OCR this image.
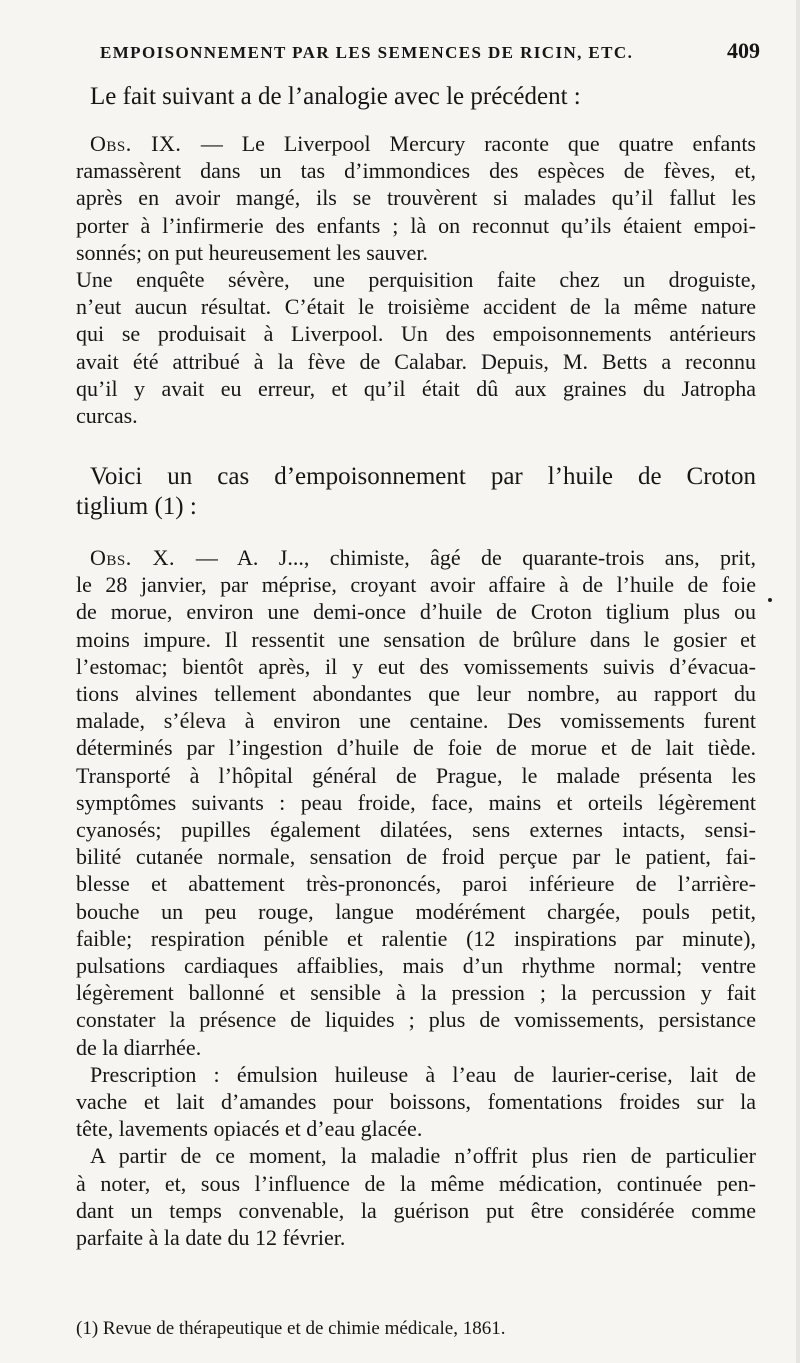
EMPOISONNEMENT PAR LES SEMENCES DE RICIN, ETC.	409
Le fait suivant a de l’analogie avec le précédent :
Obs. IX. — Le Liverpool Mercury raconte que quatre enfants
ramassèrent dans un tas d’immondices des espèces de fèves, et,
après en avoir mangé, ils se trouvèrent si malades qu’il fallut les
porter à l’infirmerie des enfants ; là on reconnut qu’ils étaient empoi-
sonnés; on put heureusement les sauver.
Une enquête sévère, une perquisition faite chez un droguiste,
n’eut aucun résultat. C’était le troisième accident de la même nature
qui se produisait à Liverpool. Un des empoisonnements antérieurs
avait été attribué à la fève de Calabar. Depuis, M. Betts a reconnu
qu’il y avait eu erreur, et qu’il était dû aux graines du Jatropha
curcas.
Voici un cas d’empoisonnement par l’huile de Croton
tiglium (1) :
Obs. X. — A. J..., chimiste, âgé de quarante-trois ans, prit,
le 28 janvier, par méprise, croyant avoir affaire à de l’huile de foie
de morue, environ une demi-once d’huile de Croton tiglium plus ou
moins impure. Il ressentit une sensation de brûlure dans le gosier et
l’estomac; bientôt après, il y eut des vomissements suivis d’évacua-
tions alvines tellement abondantes que leur nombre, au rapport du
malade, s’éleva à environ une centaine. Des vomissements furent
déterminés par l’ingestion d’huile de foie de morue et de lait tiède.
Transporté à l’hôpital général de Prague, le malade présenta les
symptômes suivants : peau froide, face, mains et orteils légèrement
cyanosés; pupilles également dilatées, sens externes intacts, sensi-
bilité cutanée normale, sensation de froid perçue par le patient, fai-
blesse et abattement très-prononcés, paroi inférieure de l’arrière-
bouche un peu rouge, langue modérément chargée, pouls petit,
faible; respiration pénible et ralentie (12 inspirations par minute),
pulsations cardiaques affaiblies, mais d’un rhythme normal; ventre
légèrement ballonné et sensible à la pression ; la percussion y fait
constater la présence de liquides ; plus de vomissements, persistance
de la diarrhée.
Prescription : émulsion huileuse à l’eau de laurier-cerise, lait de
vache et lait d’amandes pour boissons, fomentations froides sur la
tête, lavements opiacés et d’eau glacée.
A partir de ce moment, la maladie n’offrit plus rien de particulier
à noter, et, sous l’influence de la même médication, continuée pen-
dant un temps convenable, la guérison put être considérée comme
parfaite à la date du 12 février.
(1) Revue de thérapeutique et de chimie médicale, 1861.
